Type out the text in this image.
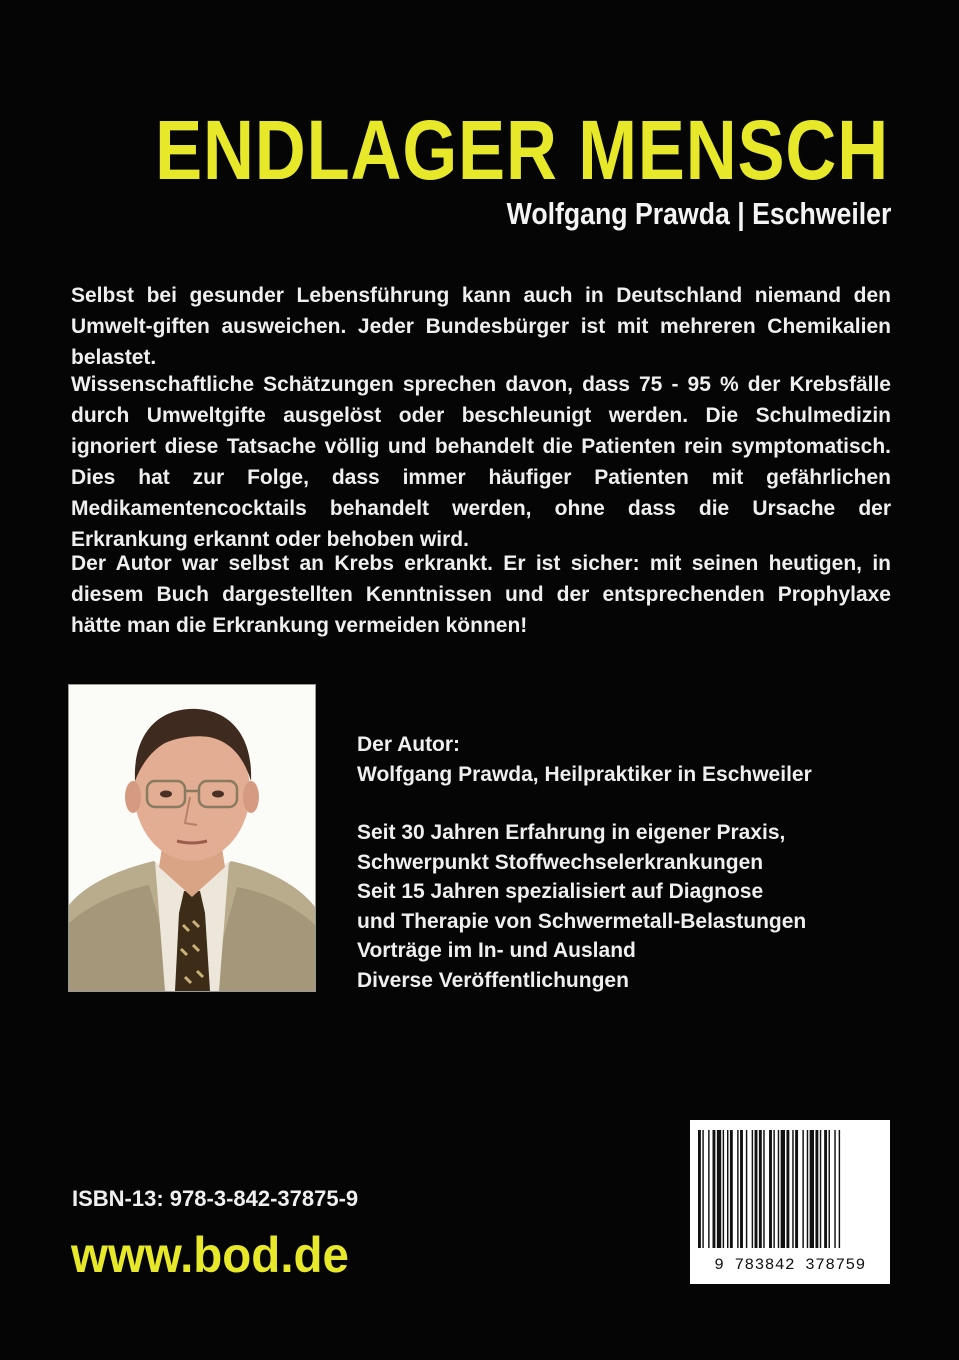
ENDLAGER MENSCH
Wolfgang Prawda | Eschweiler

Selbst bei gesunder Lebensführung kann auch in Deutschland niemand den Umwelt-giften ausweichen. Jeder Bundesbürger ist mit mehreren Chemikalien belastet.

Wissenschaftliche Schätzungen sprechen davon, dass 75 - 95 % der Krebsfälle durch Umweltgifte ausgelöst oder beschleunigt werden. Die Schulmedizin ignoriert diese Tatsache völlig und behandelt die Patienten rein symptomatisch. Dies hat zur Folge, dass immer häufiger Patienten mit gefährlichen Medikamentencocktails behandelt werden, ohne dass die Ursache der Erkrankung erkannt oder behoben wird.

Der Autor war selbst an Krebs erkrankt. Er ist sicher: mit seinen heutigen, in diesem Buch dargestellten Kenntnissen und der entsprechenden Prophylaxe hätte man die Erkrankung vermeiden können!

Der Autor:
Wolfgang Prawda, Heilpraktiker in Eschweiler
Seit 30 Jahren Erfahrung in eigener Praxis,
Schwerpunkt Stoffwechselerkrankungen
Seit 15 Jahren spezialisiert auf Diagnose
und Therapie von Schwermetall-Belastungen
Vorträge im In- und Ausland
Diverse Veröffentlichungen
ISBN-13: 978-3-842-37875-9
www.bod.de	9 783842 378759
